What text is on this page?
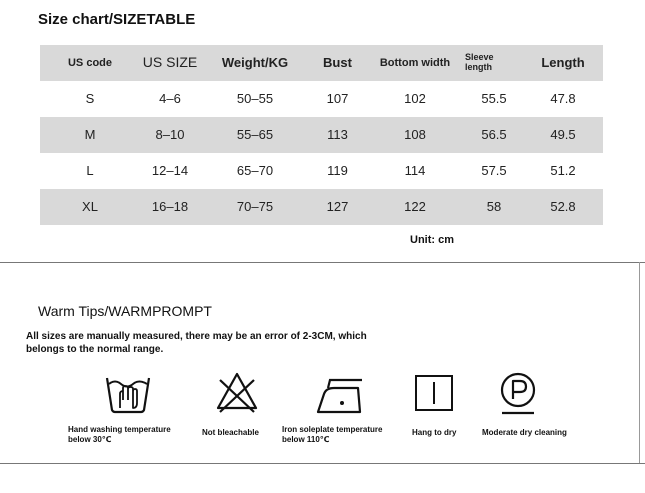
Size chart/SIZETABLE
US code	US SIZE	Weight/KG	Bust	Bottom width	Sleeve length	Length
S	4–6	50–55	107	102	55.5	47.8
M	8–10	55–65	113	108	56.5	49.5
L	12–14	65–70	119	114	57.5	51.2
XL	16–18	70–75	127	122	58	52.8
Unit: cm
Warm Tips/WARMPROMPT
All sizes are manually measured, there may be an error of 2-3CM, which belongs to the normal range.
Hand washing temperature below 30℃
Not bleachable	Iron soleplate temperature below 110℃
Hang to dry	Moderate dry cleaning
